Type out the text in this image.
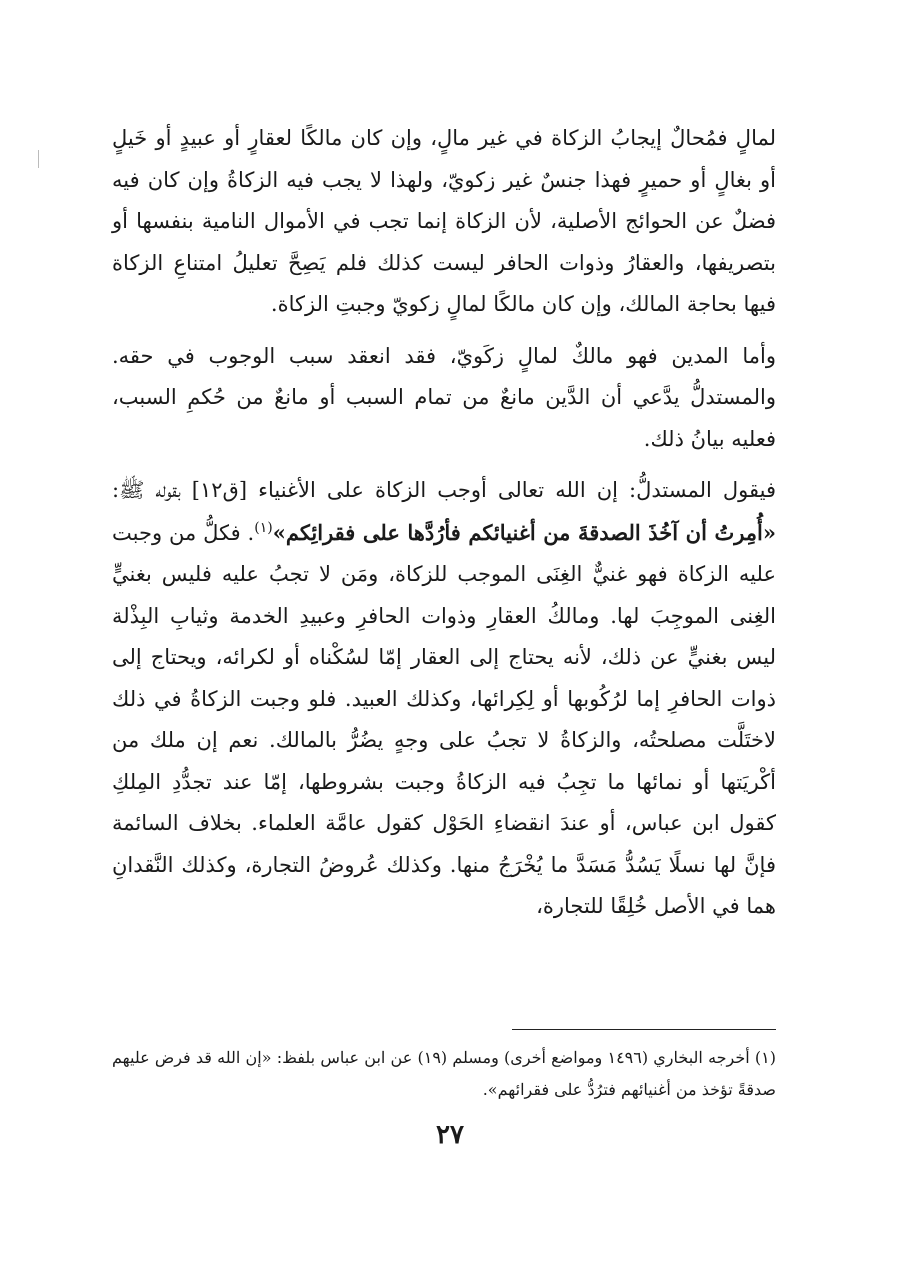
لمالٍ فمُحالٌ إيجابُ الزكاة في غير مالٍ، وإن كان مالكًا لعقارٍ أو عبيدٍ أو خَيلٍ أو بغالٍ أو حميرٍ فهذا جنسٌ غير زكويّ، ولهذا لا يجب فيه الزكاةُ وإن كان فيه فضلٌ عن الحوائج الأصلية، لأن الزكاة إنما تجب في الأموال النامية بنفسها أو بتصريفها، والعقارُ وذوات الحافر ليست كذلك فلم يَصِحَّ تعليلُ امتناعِ الزكاة فيها بحاجة المالك، وإن كان مالكًا لمالٍ زكويّ وجبتِ الزكاة.

وأما المدين فهو مالكٌ لمالٍ زكَويّ، فقد انعقد سبب الوجوب في حقه. والمستدلُّ يدَّعي أن الدَّين مانعٌ من تمام السبب أو مانعٌ من حُكمِ السبب، فعليه بيانُ ذلك.

فيقول المستدلُّ: إن الله تعالى أوجب الزكاة على الأغنياء [ق١٢] بقوله ﷺ: «أُمِرتُ أن آخُذَ الصدقةَ من أغنيائكم فأرُدَّها على فقرائِكم»$^{(١)}$. فكلُّ من وجبت عليه الزكاة فهو غنيٌّ الغِنَى الموجب للزكاة، ومَن لا تجبُ عليه فليس بغنيٍّ الغِنى الموجِبَ لها. ومالكُ العقارِ وذوات الحافرِ وعبيدِ الخدمة وثيابِ البِذْلة ليس بغنيٍّ عن ذلك، لأنه يحتاج إلى العقار إمّا لسُكْناه أو لكرائه، ويحتاج إلى ذوات الحافرِ إما لرُكُوبها أو لِكِرائها، وكذلك العبيد. فلو وجبت الزكاةُ في ذلك لاختَلَّت مصلحتُه، والزكاةُ لا تجبُ على وجهٍ يضُرُّ بالمالك. نعم إن ملك من أكْريَتها أو نمائها ما تجِبُ فيه الزكاةُ وجبت بشروطها، إمّا عند تجدُّدِ المِلكِ كقول ابن عباس، أو عندَ انقضاءِ الحَوْل كقول عامَّة العلماء. بخلاف السائمة فإنَّ لها نسلًا يَسُدُّ مَسَدَّ ما يُخْرَجُ منها. وكذلك عُروضُ التجارة، وكذلك النَّقدانِ هما في الأصل خُلِقًا للتجارة،

(١) أخرجه البخاري (١٤٩٦ ومواضع أخرى) ومسلم (١٩) عن ابن عباس بلفظ: «إن الله قد فرض عليهم صدقةً تؤخذ من أغنيائهم فترُدُّ على فقرائهم».
٢٧
